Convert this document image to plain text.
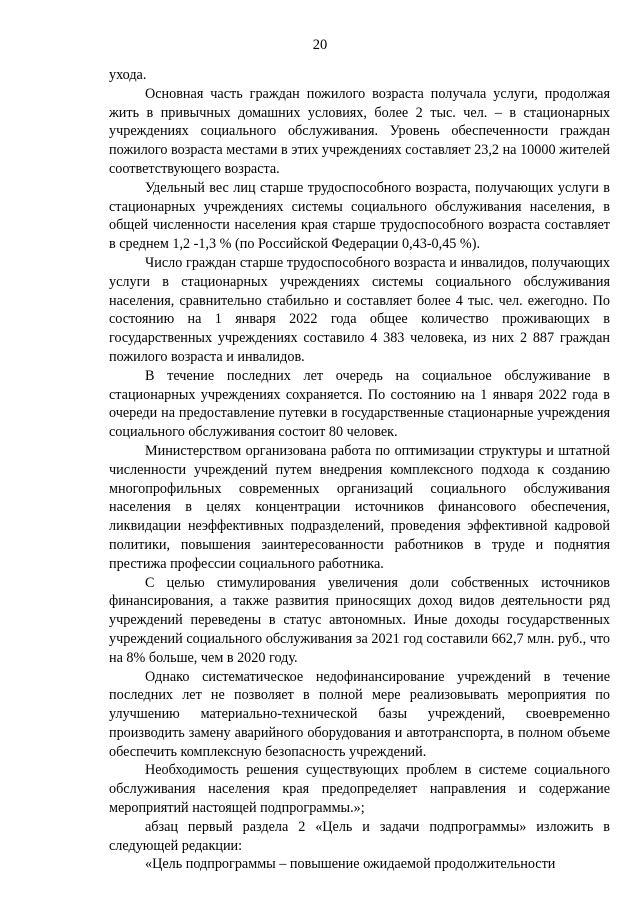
20

ухода.

Основная часть граждан пожилого возраста получала услуги, продолжая жить в привычных домашних условиях, более 2 тыс. чел. – в стационарных учреждениях социального обслуживания. Уровень обеспеченности граждан пожилого возраста местами в этих учреждениях составляет 23,2 на 10000 жителей соответствующего возраста.

Удельный вес лиц старше трудоспособного возраста, получающих услуги в стационарных учреждениях системы социального обслуживания населения, в общей численности населения края старше трудоспособного возраста составляет в среднем 1,2 -1,3 % (по Российской Федерации 0,43-0,45 %).

Число граждан старше трудоспособного возраста и инвалидов, получающих услуги в стационарных учреждениях системы социального обслуживания населения, сравнительно стабильно и составляет более 4 тыс. чел. ежегодно. По состоянию на 1 января 2022 года общее количество проживающих в государственных учреждениях составило 4 383 человека, из них 2 887 граждан пожилого возраста и инвалидов.

В течение последних лет очередь на социальное обслуживание в стационарных учреждениях сохраняется. По состоянию на 1 января 2022 года в очереди на предоставление путевки в государственные стационарные учреждения социального обслуживания состоит 80 человек.

Министерством организована работа по оптимизации структуры и штатной численности учреждений путем внедрения комплексного подхода к созданию многопрофильных современных организаций социального обслуживания населения в целях концентрации источников финансового обеспечения, ликвидации неэффективных подразделений, проведения эффективной кадровой политики, повышения заинтересованности работников в труде и поднятия престижа профессии социального работника.

С целью стимулирования увеличения доли собственных источников финансирования, а также развития приносящих доход видов деятельности ряд учреждений переведены в статус автономных. Иные доходы государственных учреждений социального обслуживания за 2021 год составили 662,7 млн. руб., что на 8% больше, чем в 2020 году.

Однако систематическое недофинансирование учреждений в течение последних лет не позволяет в полной мере реализовывать мероприятия по улучшению материально-технической базы учреждений, своевременно производить замену аварийного оборудования и автотранспорта, в полном объеме обеспечить комплексную безопасность учреждений.

Необходимость решения существующих проблем в системе социального обслуживания населения края предопределяет направления и содержание мероприятий настоящей подпрограммы.»;

абзац первый раздела 2 «Цель и задачи подпрограммы» изложить в следующей редакции:

«Цель подпрограммы – повышение ожидаемой продолжительности
